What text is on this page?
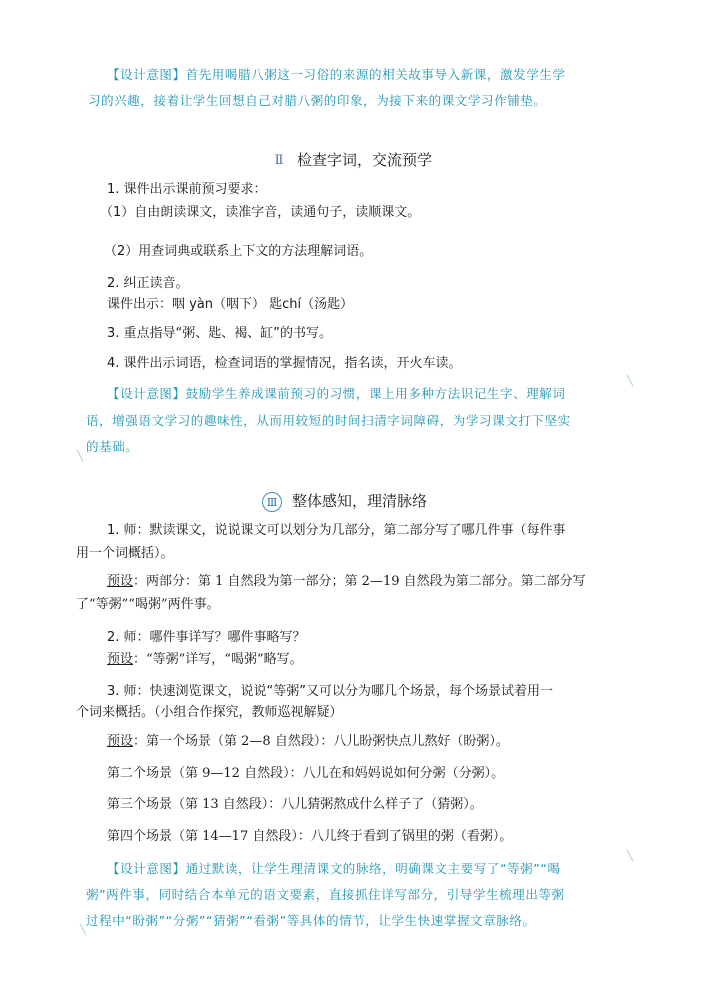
【设计意图】首先用喝腊八粥这一习俗的来源的相关故事导入新课，激发学生学
习的兴趣，接着让学生回想自己对腊八粥的印象，为接下来的课文学习作铺垫。
Ⅱ 检查字词，交流预学
1. 课件出示课前预习要求：
（1）自由朗读课文，读准字音，读通句子，读顺课文。
（2）用查词典或联系上下文的方法理解词语。
2. 纠正读音。
课件出示：咽 yàn（咽下） 匙chí（汤匙）
3. 重点指导“粥、匙、褐、缸”的书写。
4. 课件出示词语，检查词语的掌握情况，指名读，开火车读。
╲
【设计意图】鼓励学生养成课前预习的习惯，课上用多种方法识记生字、理解词
语，增强语文学习的趣味性，从而用较短的时间扫清字词障碍，为学习课文打下坚实
的基础。
╲
Ⅲ 整体感知，理清脉络
1. 师：默读课文，说说课文可以划分为几部分，第二部分写了哪几件事（每件事
用一个词概括）。
预设：两部分：第 1 自然段为第一部分；第 2—19 自然段为第二部分。第二部分写
了“等粥”“喝粥”两件事。
2. 师：哪件事详写？哪件事略写？
预设：“等粥”详写，“喝粥”略写。
3. 师：快速浏览课文，说说“等粥”又可以分为哪几个场景，每个场景试着用一
个词来概括。（小组合作探究，教师巡视解疑）
预设：第一个场景（第 2—8 自然段）：八儿盼粥快点儿熬好（盼粥）。
第二个场景（第 9—12 自然段）：八儿在和妈妈说如何分粥（分粥）。
第三个场景（第 13 自然段）：八儿猜粥熬成什么样子了（猜粥）。
第四个场景（第 14—17 自然段）：八儿终于看到了锅里的粥（看粥）。
╲
【设计意图】通过默读，让学生理清课文的脉络，明确课文主要写了“等粥”“喝
粥”两件事，同时结合本单元的语文要素，直接抓住详写部分，引导学生梳理出等粥
过程中“盼粥”“分粥”“猜粥”“看粥”等具体的情节，让学生快速掌握文章脉络。
╲
